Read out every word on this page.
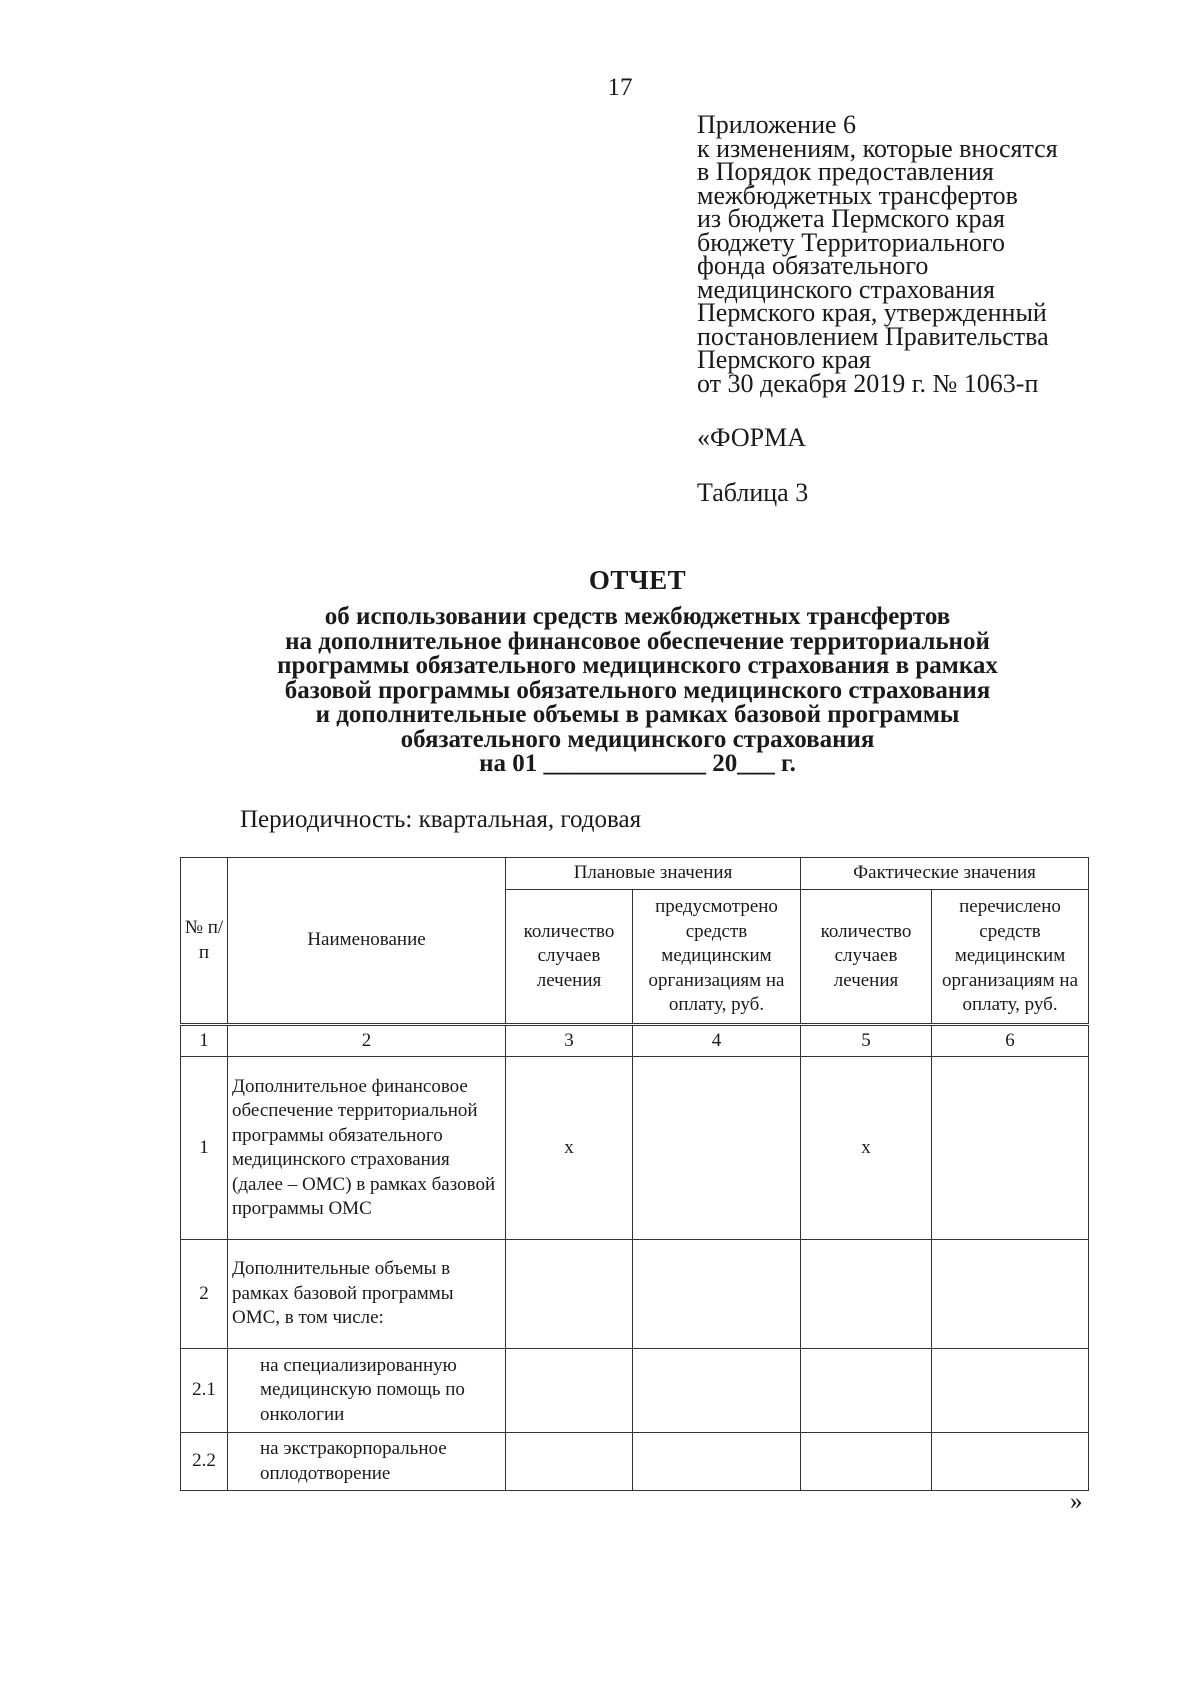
17
Приложение 6
к изменениям, которые вносятся
в Порядок предоставления
межбюджетных трансфертов
из бюджета Пермского края
бюджету Территориального
фонда обязательного
медицинского страхования
Пермского края, утвержденный
постановлением Правительства
Пермского края
от 30 декабря 2019 г. № 1063-п
«ФОРМА
Таблица 3
ОТЧЕТ
об использовании средств межбюджетных трансфертов
на дополнительное финансовое обеспечение территориальной
программы обязательного медицинского страхования в рамках
базовой программы обязательного медицинского страхования
и дополнительные объемы в рамках базовой программы
обязательного медицинского страхования
на 01 _____________ 20___ г.
Периодичность: квартальная, годовая
№ п/п	Наименование	Плановые значения		Фактические значения	
		количество случаев лечения	предусмотрено средств медицинским организациям на оплату, руб.	количество случаев лечения	перечислено средств медицинским организациям на оплату, руб.
1	2	3	4	5	6
1	Дополнительное финансовое обеспечение территориальной программы обязательного медицинского страхования (далее – ОМС) в рамках базовой программы ОМС	х		х	
2	Дополнительные объемы в рамках базовой программы ОМС, в том числе:				
2.1	на специализированную медицинскую помощь по онкологии				
2.2	на экстракорпоральное оплодотворение				
»
